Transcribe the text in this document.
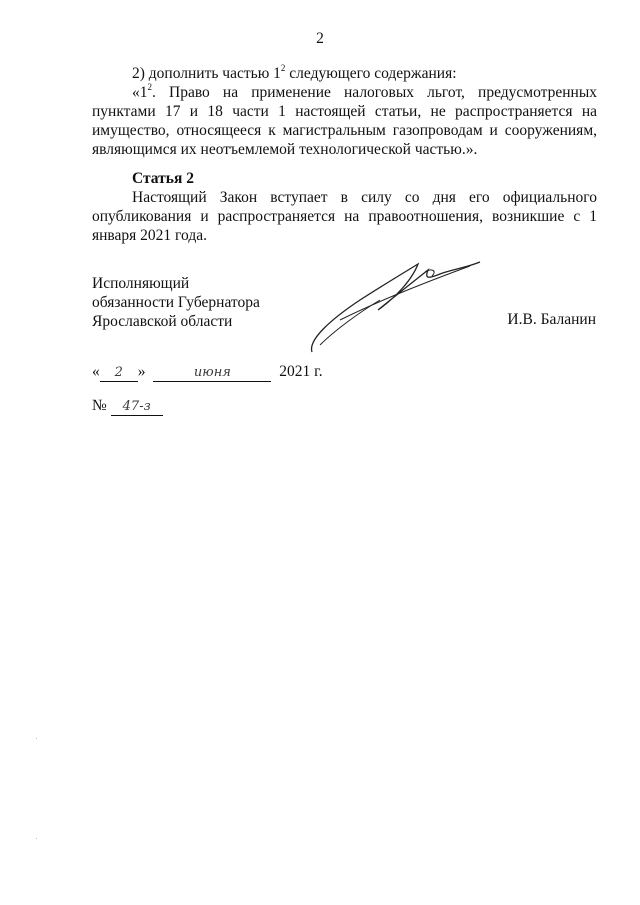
2
2) дополнить частью $1^2$ следующего содержания:
«$1^2$. Право на применение налоговых льгот, предусмотренных пунктами 17 и 18 части 1 настоящей статьи, не распространяется на имущество, относящееся к магистральным газопроводам и сооружениям, являющимся их неотъемлемой технологической частью.».
Статья 2
Настоящий Закон вступает в силу со дня его официального опубликования и распространяется на правоотношения, возникшие с 1 января 2021 года.
Исполняющий
обязанности Губернатора
Ярославской области	И.В. Баланин
« 2 »	июня	2021 г.
№ 47-з
